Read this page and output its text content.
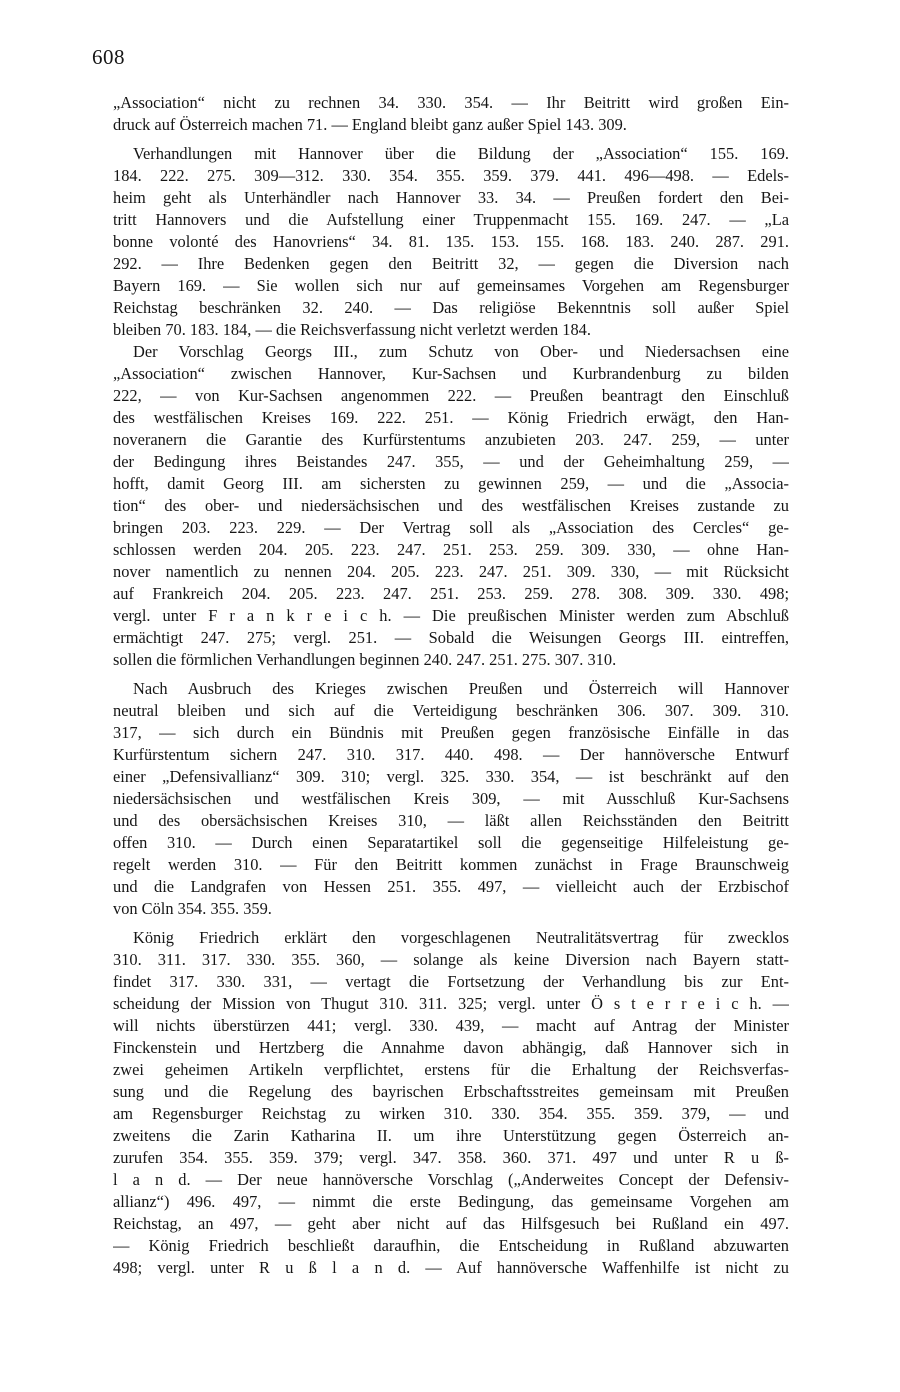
608
„Association“ nicht zu rechnen 34. 330. 354. — Ihr Beitritt wird großen Ein-
druck auf Österreich machen 71. — England bleibt ganz außer Spiel 143. 309.
Verhandlungen mit Hannover über die Bildung der „Association“ 155. 169.
184. 222. 275. 309—312. 330. 354. 355. 359. 379. 441. 496—498. — Edels-
heim geht als Unterhändler nach Hannover 33. 34. — Preußen fordert den Bei-
tritt Hannovers und die Aufstellung einer Truppenmacht 155. 169. 247. — „La
bonne volonté des Hanovriens“ 34. 81. 135. 153. 155. 168. 183. 240. 287. 291.
292. — Ihre Bedenken gegen den Beitritt 32, — gegen die Diversion nach
Bayern 169. — Sie wollen sich nur auf gemeinsames Vorgehen am Regensburger
Reichstag beschränken 32. 240. — Das religiöse Bekenntnis soll außer Spiel
bleiben 70. 183. 184, — die Reichsverfassung nicht verletzt werden 184.
Der Vorschlag Georgs III., zum Schutz von Ober- und Niedersachsen eine
„Association“ zwischen Hannover, Kur-Sachsen und Kurbrandenburg zu bilden
222, — von Kur-Sachsen angenommen 222. — Preußen beantragt den Einschluß
des westfälischen Kreises 169. 222. 251. — König Friedrich erwägt, den Han-
noveranern die Garantie des Kurfürstentums anzubieten 203. 247. 259, — unter
der Bedingung ihres Beistandes 247. 355, — und der Geheimhaltung 259, —
hofft, damit Georg III. am sichersten zu gewinnen 259, — und die „Associa-
tion“ des ober- und niedersächsischen und des westfälischen Kreises zustande zu
bringen 203. 223. 229. — Der Vertrag soll als „Association des Cercles“ ge-
schlossen werden 204. 205. 223. 247. 251. 253. 259. 309. 330, — ohne Han-
nover namentlich zu nennen 204. 205. 223. 247. 251. 309. 330, — mit Rücksicht
auf Frankreich 204. 205. 223. 247. 251. 253. 259. 278. 308. 309. 330. 498;
vergl. unter F r a n k r e i c h. — Die preußischen Minister werden zum Abschluß
ermächtigt 247. 275; vergl. 251. — Sobald die Weisungen Georgs III. eintreffen,
sollen die förmlichen Verhandlungen beginnen 240. 247. 251. 275. 307. 310.
Nach Ausbruch des Krieges zwischen Preußen und Österreich will Hannover
neutral bleiben und sich auf die Verteidigung beschränken 306. 307. 309. 310.
317, — sich durch ein Bündnis mit Preußen gegen französische Einfälle in das
Kurfürstentum sichern 247. 310. 317. 440. 498. — Der hannöversche Entwurf
einer „Defensivallianz“ 309. 310; vergl. 325. 330. 354, — ist beschränkt auf den
niedersächsischen und westfälischen Kreis 309, — mit Ausschluß Kur-Sachsens
und des obersächsischen Kreises 310, — läßt allen Reichsständen den Beitritt
offen 310. — Durch einen Separatartikel soll die gegenseitige Hilfeleistung ge-
regelt werden 310. — Für den Beitritt kommen zunächst in Frage Braunschweig
und die Landgrafen von Hessen 251. 355. 497, — vielleicht auch der Erzbischof
von Cöln 354. 355. 359.
König Friedrich erklärt den vorgeschlagenen Neutralitätsvertrag für zwecklos
310. 311. 317. 330. 355. 360, — solange als keine Diversion nach Bayern statt-
findet 317. 330. 331, — vertagt die Fortsetzung der Verhandlung bis zur Ent-
scheidung der Mission von Thugut 310. 311. 325; vergl. unter Ö s t e r r e i c h. —
will nichts überstürzen 441; vergl. 330. 439, — macht auf Antrag der Minister
Finckenstein und Hertzberg die Annahme davon abhängig, daß Hannover sich in
zwei geheimen Artikeln verpflichtet, erstens für die Erhaltung der Reichsverfas-
sung und die Regelung des bayrischen Erbschaftsstreites gemeinsam mit Preußen
am Regensburger Reichstag zu wirken 310. 330. 354. 355. 359. 379, — und
zweitens die Zarin Katharina II. um ihre Unterstützung gegen Österreich an-
zurufen 354. 355. 359. 379; vergl. 347. 358. 360. 371. 497 und unter R u ß-
l a n d. — Der neue hannöversche Vorschlag („Anderweites Concept der Defensiv-
allianz“) 496. 497, — nimmt die erste Bedingung, das gemeinsame Vorgehen am
Reichstag, an 497, — geht aber nicht auf das Hilfsgesuch bei Rußland ein 497.
— König Friedrich beschließt daraufhin, die Entscheidung in Rußland abzuwarten
498; vergl. unter R u ß l a n d. — Auf hannöversche Waffenhilfe ist nicht zu
